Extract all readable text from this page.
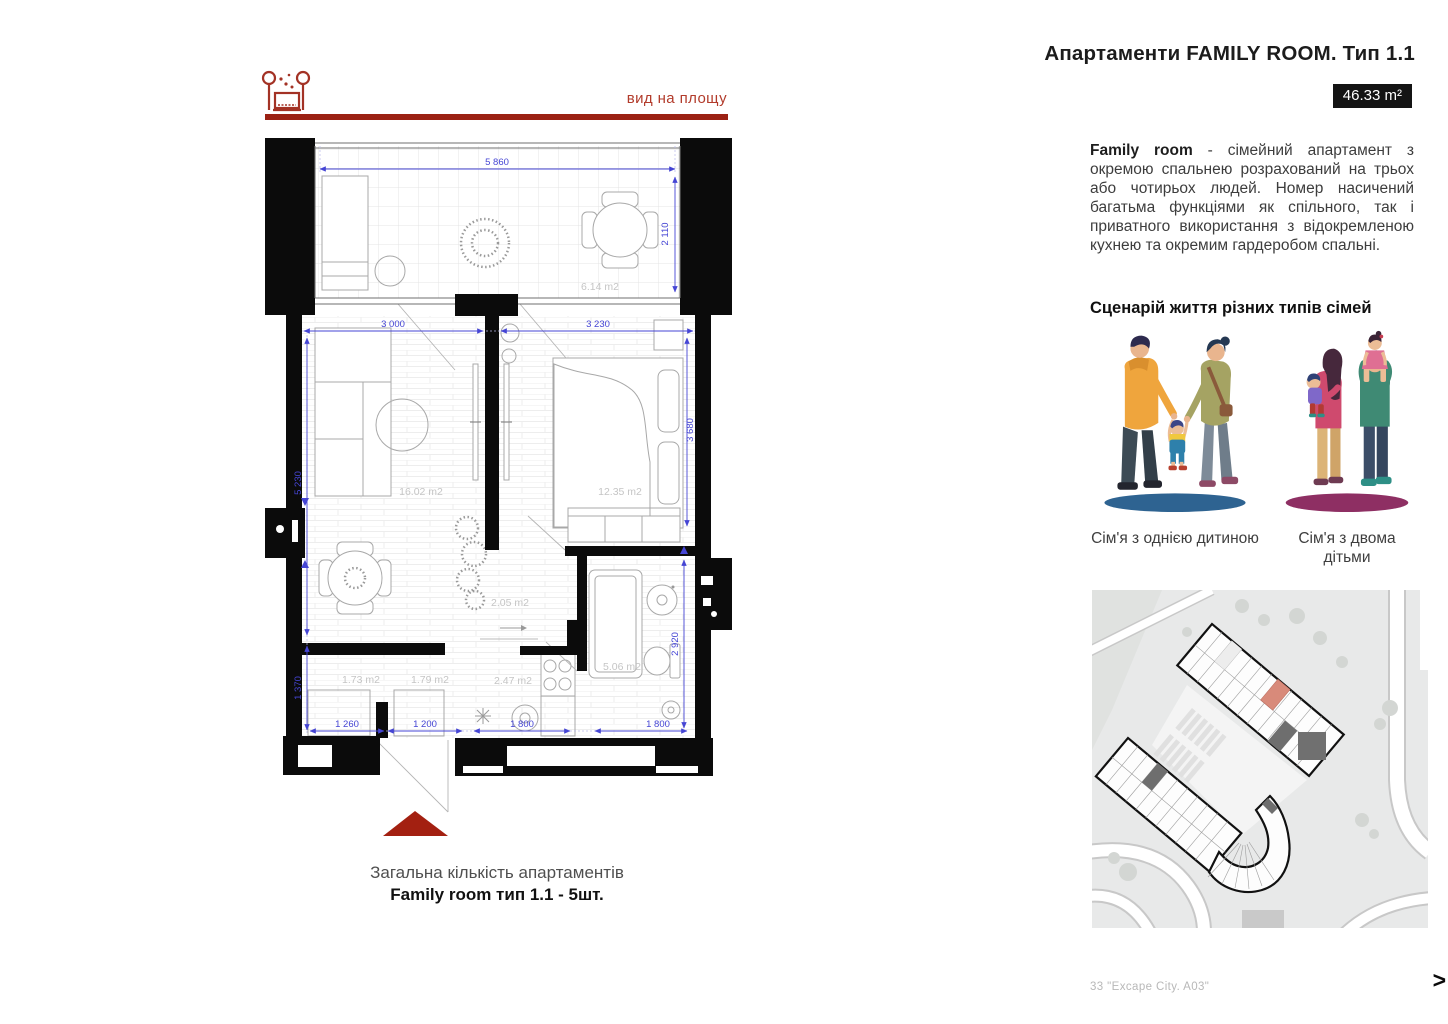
вид на площу
5 860
2 110
3 000	3 230
5 230
3 680
2 920
1 370
1 260	1 200	1 800	1 800
6.14 m2
16.02 m2	12.35 m2
2.05 m2
2.47 m2
1.73 m2	1.79 m2
5.06 m2
Загальна кількість апартаментів
Family room тип 1.1 - 5шт.
Апартаменти FAMILY ROOM. Тип 1.1
46.33 m²
Family room - сімейний апартамент з окремою спальнею розрахований на трьох або чотирьох людей. Номер насичений багатьма функціями як спільного, так і приватного використання з відокремленою кухнею та окремим гардеробом спальні.
Сценарій життя різних типів сімей
Сім'я з однією дитиною	Сім'я з двома дітьми
33 "Excape City. A03"	>
